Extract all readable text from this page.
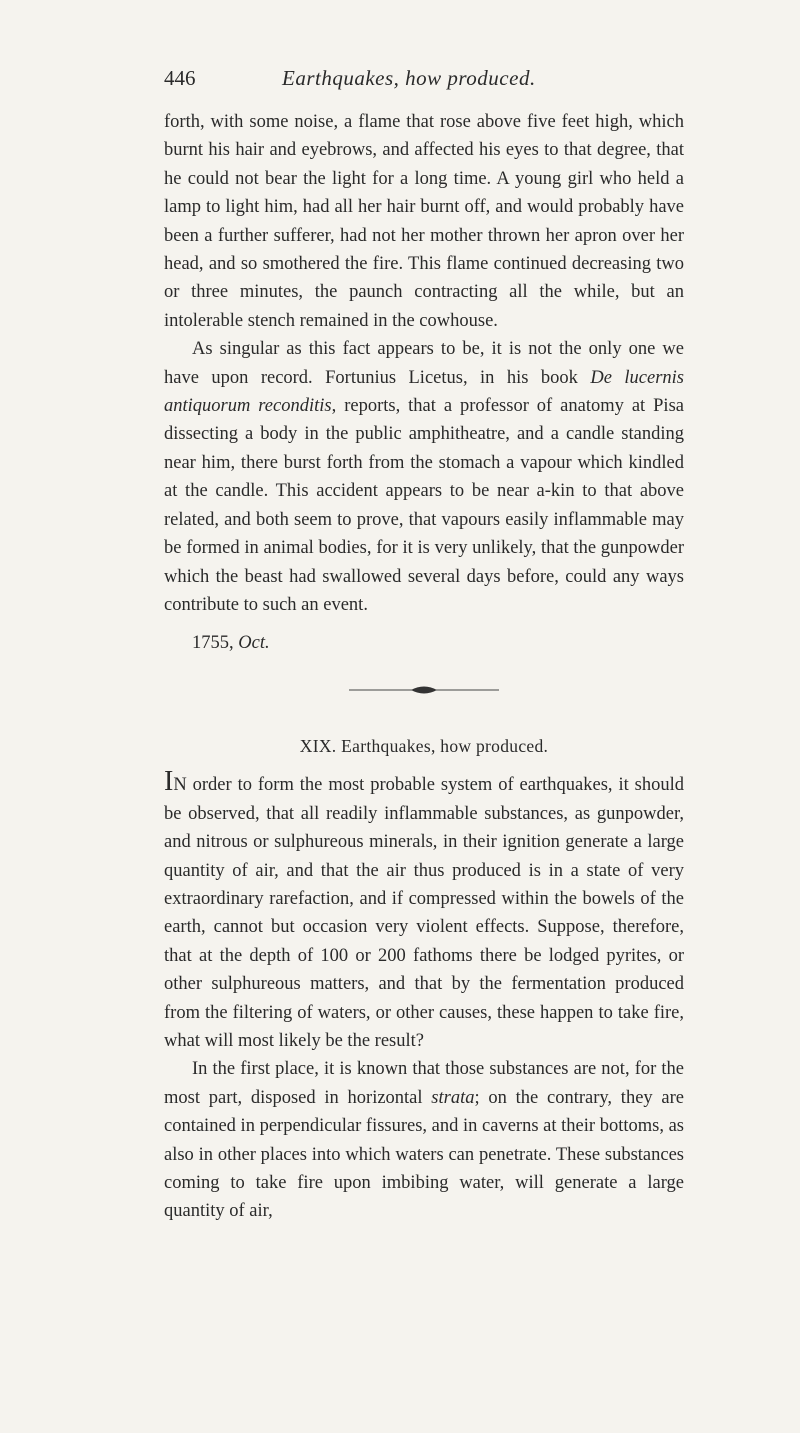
446	Earthquakes, how produced.

forth, with some noise, a flame that rose above five feet high, which burnt his hair and eyebrows, and affected his eyes to that degree, that he could not bear the light for a long time. A young girl who held a lamp to light him, had all her hair burnt off, and would probably have been a further sufferer, had not her mother thrown her apron over her head, and so smothered the fire. This flame continued decreasing two or three minutes, the paunch contracting all the while, but an intolerable stench remained in the cowhouse.

As singular as this fact appears to be, it is not the only one we have upon record. Fortunius Licetus, in his book De lucernis antiquorum reconditis, reports, that a professor of anatomy at Pisa dissecting a body in the public amphitheatre, and a candle standing near him, there burst forth from the stomach a vapour which kindled at the candle. This accident appears to be near a-kin to that above related, and both seem to prove, that vapours easily inflammable may be formed in animal bodies, for it is very unlikely, that the gunpowder which the beast had swallowed several days before, could any ways contribute to such an event.

1755, Oct.

XIX. Earthquakes, how produced.

IN order to form the most probable system of earthquakes, it should be observed, that all readily inflammable substances, as gunpowder, and nitrous or sulphureous minerals, in their ignition generate a large quantity of air, and that the air thus produced is in a state of very extraordinary rarefaction, and if compressed within the bowels of the earth, cannot but occasion very violent effects. Suppose, therefore, that at the depth of 100 or 200 fathoms there be lodged pyrites, or other sulphureous matters, and that by the fermentation produced from the filtering of waters, or other causes, these happen to take fire, what will most likely be the result?

In the first place, it is known that those substances are not, for the most part, disposed in horizontal strata; on the contrary, they are contained in perpendicular fissures, and in caverns at their bottoms, as also in other places into which waters can penetrate. These substances coming to take fire upon imbibing water, will generate a large quantity of air,
